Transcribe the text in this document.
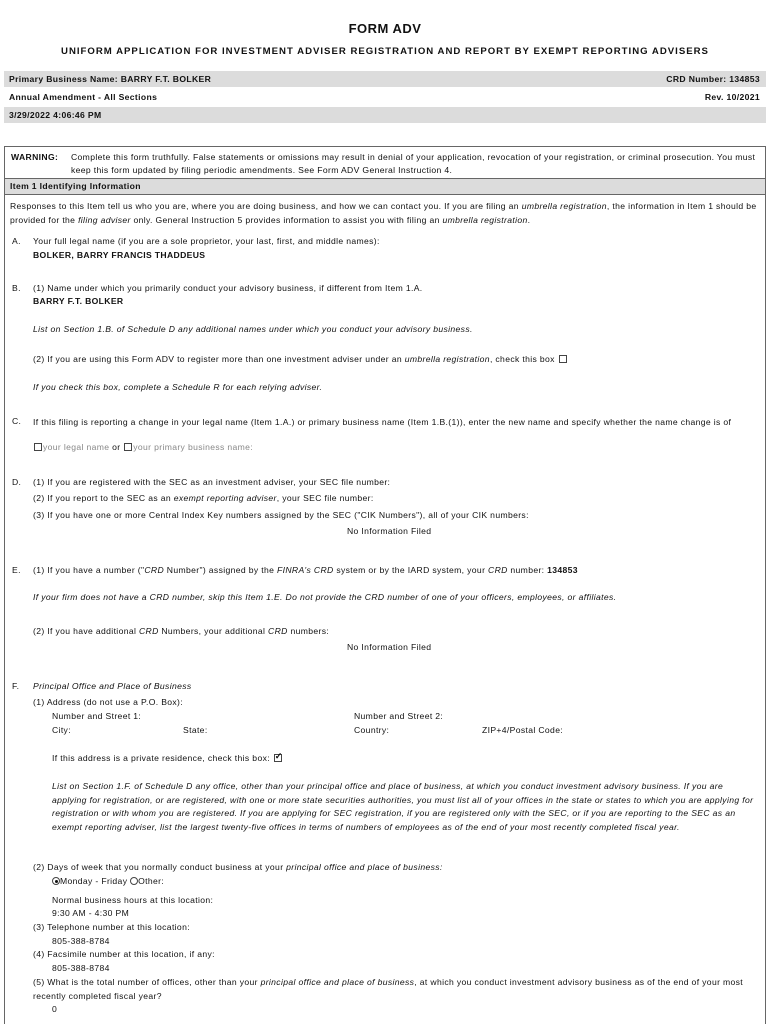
FORM ADV
UNIFORM APPLICATION FOR INVESTMENT ADVISER REGISTRATION AND REPORT BY EXEMPT REPORTING ADVISERS
Primary Business Name: BARRY F.T. BOLKER	CRD Number: 134853
Annual Amendment - All Sections	Rev. 10/2021
3/29/2022 4:06:46 PM
WARNING: Complete this form truthfully. False statements or omissions may result in denial of your application, revocation of your registration, or criminal prosecution. You must keep this form updated by filing periodic amendments. See Form ADV General Instruction 4.
Item 1 Identifying Information
Responses to this Item tell us who you are, where you are doing business, and how we can contact you. If you are filing an umbrella registration, the information in Item 1 should be provided for the filing adviser only. General Instruction 5 provides information to assist you with filing an umbrella registration.
A. Your full legal name (if you are a sole proprietor, your last, first, and middle names):
BOLKER, BARRY FRANCIS THADDEUS
B. (1) Name under which you primarily conduct your advisory business, if different from Item 1.A.
BARRY F.T. BOLKER
List on Section 1.B. of Schedule D any additional names under which you conduct your advisory business.
(2) If you are using this Form ADV to register more than one investment adviser under an umbrella registration, check this box
If you check this box, complete a Schedule R for each relying adviser.
C. If this filing is reporting a change in your legal name (Item 1.A.) or primary business name (Item 1.B.(1)), enter the new name and specify whether the name change is of
your legal name or your primary business name:
D. (1) If you are registered with the SEC as an investment adviser, your SEC file number:
(2) If you report to the SEC as an exempt reporting adviser, your SEC file number:
(3) If you have one or more Central Index Key numbers assigned by the SEC ("CIK Numbers"), all of your CIK numbers:
No Information Filed
E. (1) If you have a number ("CRD Number") assigned by the FINRA's CRD system or by the IARD system, your CRD number: 134853
If your firm does not have a CRD number, skip this Item 1.E. Do not provide the CRD number of one of your officers, employees, or affiliates.
(2) If you have additional CRD Numbers, your additional CRD numbers:
No Information Filed
F. Principal Office and Place of Business
(1) Address (do not use a P.O. Box):
Number and Street 1:	Number and Street 2:
City:	State:	Country:	ZIP+4/Postal Code:
If this address is a private residence, check this box: ✓
List on Section 1.F. of Schedule D any office, other than your principal office and place of business, at which you conduct investment advisory business. If you are applying for registration, or are registered, with one or more state securities authorities, you must list all of your offices in the state or states to which you are applying for registration or with whom you are registered. If you are applying for SEC registration, if you are registered only with the SEC, or if you are reporting to the SEC as an exempt reporting adviser, list the largest twenty-five offices in terms of numbers of employees as of the end of your most recently completed fiscal year.
(2) Days of week that you normally conduct business at your principal office and place of business:
Monday - Friday Other:
Normal business hours at this location:
9:30 AM - 4:30 PM
(3) Telephone number at this location:
805-388-8784
(4) Facsimile number at this location, if any:
805-388-8784
(5) What is the total number of offices, other than your principal office and place of business, at which you conduct investment advisory business as of the end of your most recently completed fiscal year?
0
